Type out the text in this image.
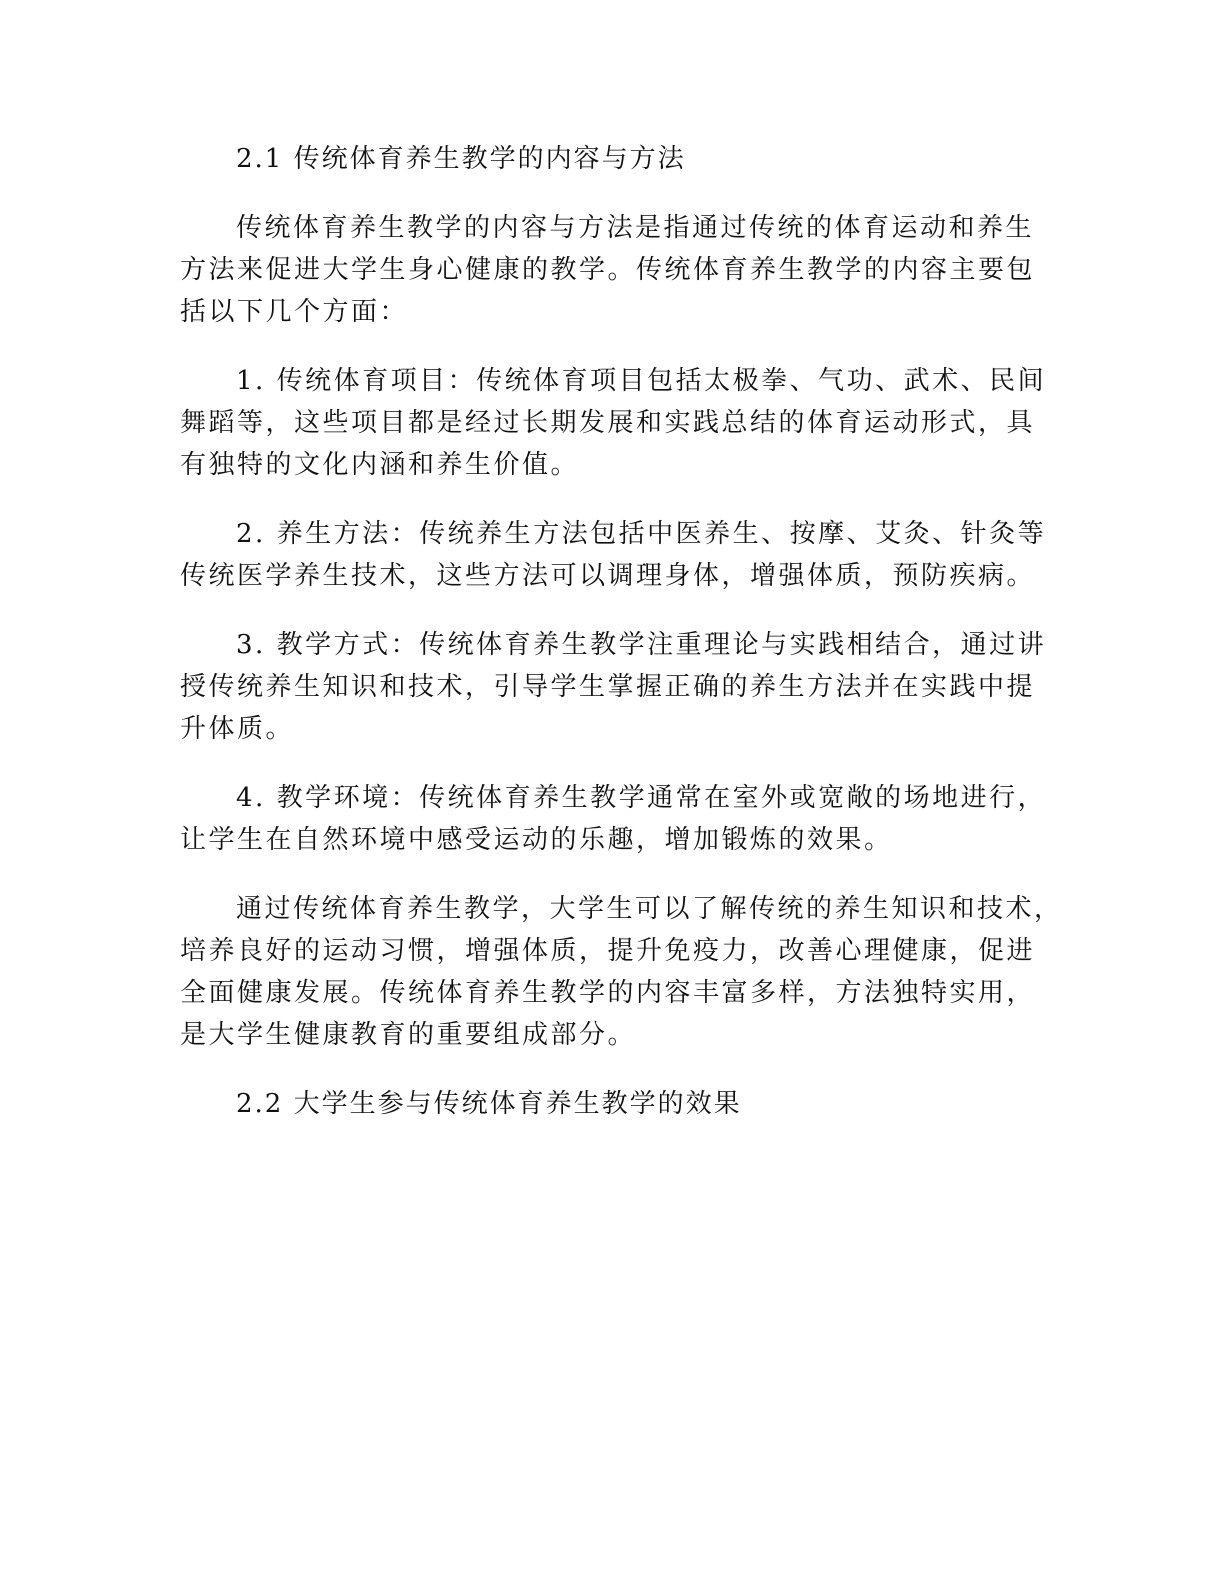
2.1 传统体育养生教学的内容与方法
传统体育养生教学的内容与方法是指通过传统的体育运动和养生
方法来促进大学生身心健康的教学。传统体育养生教学的内容主要包
括以下几个方面：
1. 传统体育项目：传统体育项目包括太极拳、气功、武术、民间
舞蹈等，这些项目都是经过长期发展和实践总结的体育运动形式，具
有独特的文化内涵和养生价值。
2. 养生方法：传统养生方法包括中医养生、按摩、艾灸、针灸等
传统医学养生技术，这些方法可以调理身体，增强体质，预防疾病。
3. 教学方式：传统体育养生教学注重理论与实践相结合，通过讲
授传统养生知识和技术，引导学生掌握正确的养生方法并在实践中提
升体质。
4. 教学环境：传统体育养生教学通常在室外或宽敞的场地进行，
让学生在自然环境中感受运动的乐趣，增加锻炼的效果。
通过传统体育养生教学，大学生可以了解传统的养生知识和技术，
培养良好的运动习惯，增强体质，提升免疫力，改善心理健康，促进
全面健康发展。传统体育养生教学的内容丰富多样，方法独特实用，
是大学生健康教育的重要组成部分。
2.2 大学生参与传统体育养生教学的效果
